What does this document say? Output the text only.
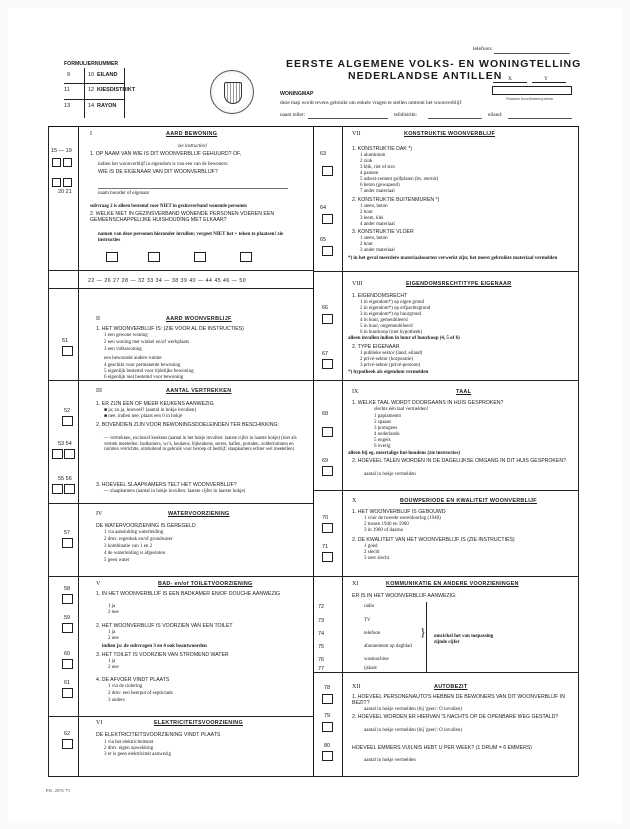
FORMULIERNUMMER
9	10 EILAND
11	12 KIESDISTRIKT
13	14 RAYON
telefoon:
EERSTE ALGEMENE VOLKS- EN WONINGTELLING
NEDERLANDSE ANTILLEN X	Y
Nummer koordinatensysteem
WONINGMAP
deze map wordt tevens gebruikt om enkele vragen te stellen omtrent het woonverblijf
naam teller:	telldistrikt:	eiland:
I	AARD BEWONING
zie instructies!
15 — 19	1. OP NAAM VAN WIE IS DIT WOONVERBLIJF GEHUURD? OF,
indien het woonverblijf in eigendom is van een van de bewoners:
WIE IS DE EIGENAAR VAN DIT WOONVERBLIJF?
20 21	naam huurder of eigenaar
subvraag 2 is alleen bestemd voor NIET in gezinsverband wonende personen
2. WELKE NIET IN GEZINSVERBAND WONENDE PERSONEN VOEREN EEN GEMEENSCHAPPELIJKE HUISHOUDING MET ELKAAR?
namen van deze personen hieronder invullen; vergeet NIET het + teken te plaatsen! zie instructies
22 — 26 27 28 — 32 33 34 — 38 39 40 — 44 45 46 — 50
II	AARD WOONVERBLIJF
51
1. HET WOONVERBLIJF IS: (ZIE VOOR AL DE INSTRUCTIES)
1 een gewone woning
2 een woning met winkel en/of werkplaats
3 een volkswoning
een bewoonde andere ruimte
4 geschikt voor permanente bewoning
5 eigenlijk bestemd voor tijdelijke bewoning
6 eigenlijk niet bestemd voor bewoning
III	AANTAL VERTREKKEN
52
1. ER ZIJN EEN OF MEER KEUKENS AANWEZIG
■ ja; zo ja, hoeveel? (aantal in hokje invullen)
■ nee; indien nee: plaats een 0 in hokje
2. BOVENDIEN ZIJN VOOR BEWONINGSDOELEINDEN TER BESCHIKKING:
53 54
— vertrekken, exclusief keukens (aantal in het hokje invullen: laatste cijfer in laatste hokje) (niet als vertrek meetellen: badkamers, wc's, keukens, bijkeukens, serres, hallen, portalen, zolderruimten en ruimten verrichtte, uitsluitend in gebruik voor beroep of bedrijf; slaapkamers echter wel meetellen)
3. HOEVEEL SLAAPKAMERS TELT HET WOONVERBLIJF?
55 56
— slaapkamers (aantal in hokje invullen: laatste cijfer in laatste hokje)
IV	WATERVOORZIENING
57
DE WATERVOORZIENING IS GEREGELD
1 via aansluiting waterleiding
2 dmv. regenbak en/of grondwater
3 kombinatie van 1 en 2
4 de waterleiding is afgesloten
5 geen water
V	BAD- en/of TOILETVOORZIENING
58
1. IN HET WOONVERBLIJF IS EEN BADKAMER EN/OF DOUCHE AANWEZIG
1 ja
2 nee
59
2. HET WOONVERBLIJF IS VOORZIEN VAN EEN TOILET
1 ja
2 nee
indien ja: de subvragen 3 en 4 ook beantwoorden
60	3. HET TOILET IS VOORZIEN VAN STROMEND WATER
1 ja
2 nee
61	4. DE AFVOER VINDT PLAATS
1 via de riolering
2 dmv. een beerput of septictank
3 anders
VI	ELEKTRICITEITSVOORZIENING
62	DE ELEKTRICITEITSVOORZIENING VINDT PLAATS
1 via het elektriciteitsnet
2 dmv. eigen opwekking
3 er is geen elektriciteit aanwezig
VII	KONSTRUKTIE WOONVERBLIJF
63
1. KONSTRUKTIE DAK *)
1 aluminium
2 zink
3 blik, riet of stro
4 pannen
5 asbest-cement golfplaten (bv. eternit)
6 beton (gewapend)
7 ander materiaal
64
2. KONSTRUKTIE BUITENMUREN *)
1 steen, beton
2 hout
3 leem, klei
4 ander materiaal
65
3. KONSTRUKTIE VLOER
1 steen, beton
2 hout
3 ander materiaal
*) in het geval meerdere materiaalsoorten verwerkt zijn; het meest gebruikte materiaal vermelden
VIII	EIGENDOMSRECHT/TYPE EIGENAAR
66
1. EIGENDOMSRECHT
1 in eigendom*) op eigen grond
2 in eigendom*) op erfpachtsgrond
3 in eigendom*) op huurgrond
4 in huur, gemeubileerd
5 in huur, ongemeubileerd
6 in huurkoop (niet hypotheek)
alleen invullen indien in huur of huurkoop (4, 5 of 6)
67
2. TYPE EIGENAAR
1 publieke sektor (land, eiland)
2 privé-sektor (korporatie)
3 privé-sektor (privé-persoon)
*) hypotheek als eigendom vermelden
IX	TAAL
68
1. WELKE TAAL WORDT DOORGAANS IN HUIS GESPROKEN?
slechts één taal vermelden!
1 papiamento
2 spaans
3 portugees
4 nederlands
5 engels
6 overig
alleen bij eg. meertalige hui-houdens (zie instructies)
69	2. HOEVEEL TALEN WORDEN IN DE DAGELIJKSE OMGANG IN DIT HUIS GESPROKEN?
aantal in hokje vermelden
X	BOUWPERIODE EN KWALITEIT WOONVERBLIJF
70
1. HET WOONVERBLIJF IS GEBOUWD
1 vóór de tweede wereldoorlog (1940)
2 tussen 1940 en 1960
3 in 1960 of daarna
71
2. DE KWALITEIT VAN HET WOONVERBLIJF IS (ZIE INSTRUCTIES)
1 goed
2 slecht
3 zeer slecht
XI	KOMMUNIKATIE EN ANDERE VOORZIENINGEN
ER IS IN HET WOONVERBLIJF AANWEZIG:
72	radio
73	TV
74	telefoon
75	abonnement op dagblad
76	wasmachine
77	ijskast
omcirkel het van toepassing zijnde cijfer
}
XII	AUTOBEZIT
78
1. HOEVEEL PERSONENAUTO'S HEBBEN DE BEWONERS VAN DIT WOONVERBLIJF IN BEZIT?
aantal in hokje vermelden (bij 'geen': O invullen)
79	2. HOEVEEL WORDEN ER HIERVAN 'S NACHTS OP DE OPENBARE WEG GESTALD?
aantal in hokje vermelden (bij 'geen': O invullen)
80	HOEVEEL EMMERS VUILNIS HEBT U PER WEEK? (1 DRUM = 6 EMMERS)
aantal in hokje vermelden
P.K. 2076 '71
